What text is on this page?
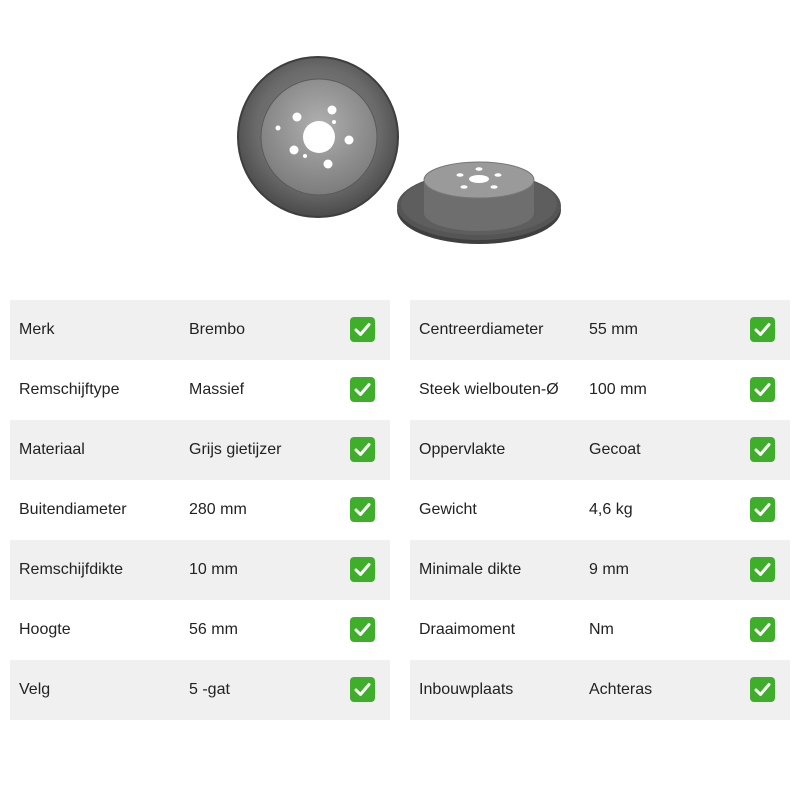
Merk	Brembo
Remschijftype	Massief
Materiaal	Grijs gietijzer
Buitendiameter	280 mm
Remschijfdikte	10 mm
Hoogte	56 mm
Velg	5 -gat
Centreerdiameter	55 mm
Steek wielbouten-Ø 100 mm
Oppervlakte	Gecoat
Gewicht	4,6 kg
Minimale dikte	9 mm
Draaimoment	Nm
Inbouwplaats	Achteras
